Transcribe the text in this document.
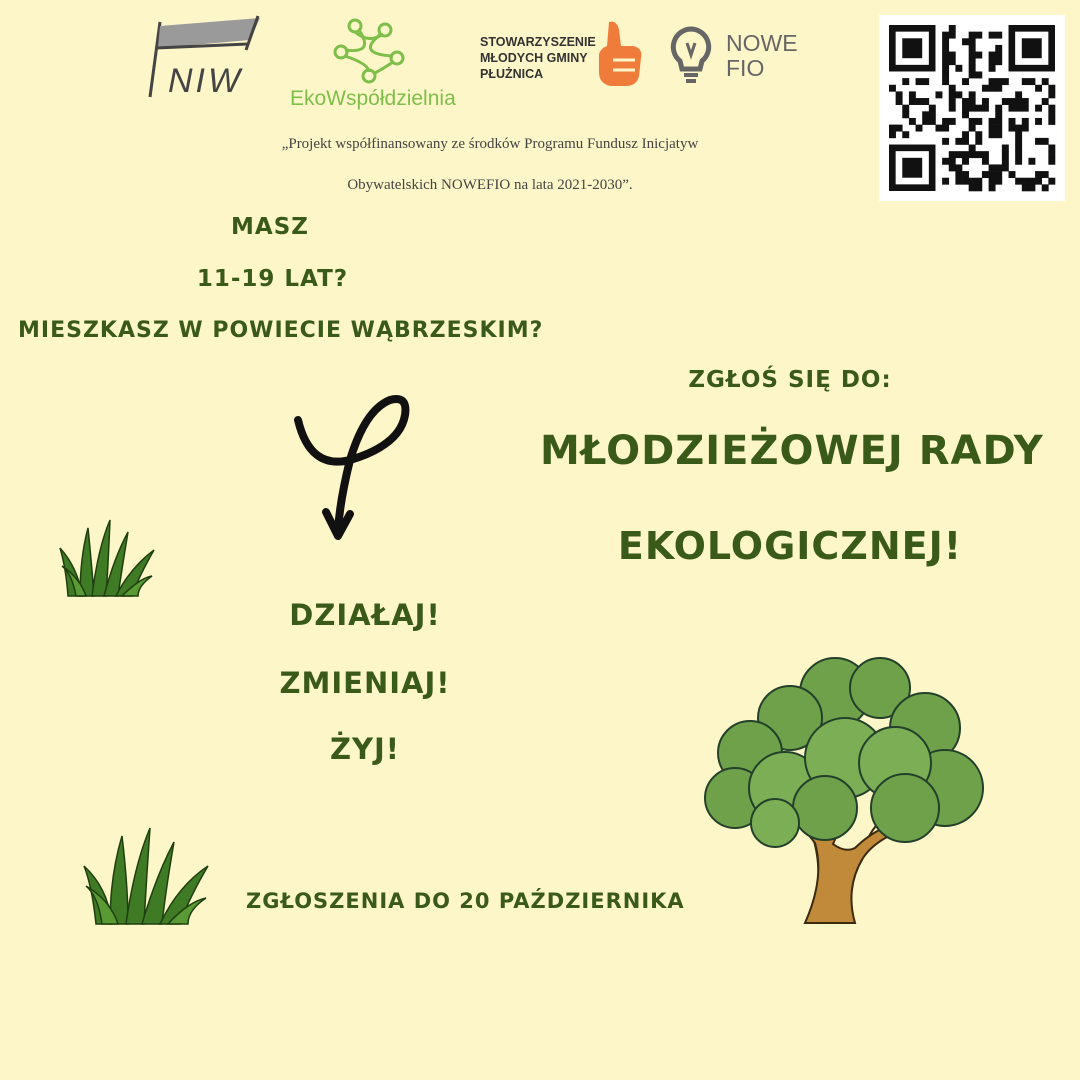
NIW EkoWspółdzielnia
STOWARZYSZENIE
MŁODYCH GMINY
PŁUŻNICA
NOWE
FIO
„Projekt współfinansowany ze środków Programu Fundusz Inicjatyw
Obywatelskich NOWEFIO na lata 2021-2030”.
MASZ
11-19 LAT?
MIESZKASZ W POWIECIE WĄBRZESKIM?
ZGŁOŚ SIĘ DO:
MŁODZIEŻOWEJ RADY
EKOLOGICZNEJ!
DZIAŁAJ!
ZMIENIAJ!
ŻYJ!
ZGŁOSZENIA DO 20 PAŹDZIERNIKA
